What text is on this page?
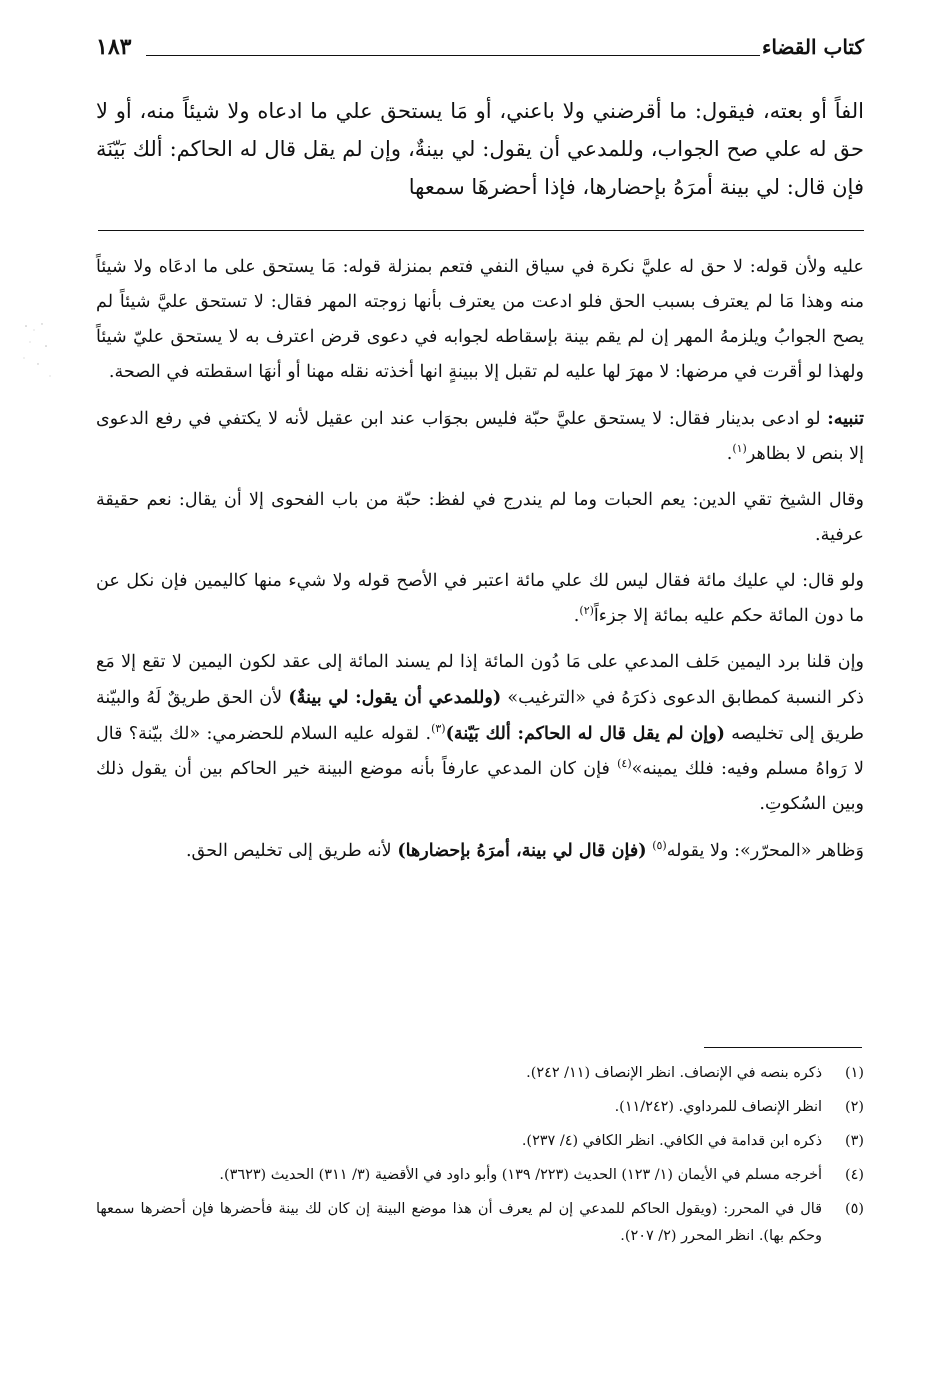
كتاب القضاء
١٨٣

الفاً أو بعته، فيقول: ما أقرضني ولا باعني، أو مَا يستحق علي ما ادعاه ولا شيئاً منه، أو لا حق له علي صح الجواب، وللمدعي أن يقول: لي بينةٌ، وإن لم يقل قال له الحاكم: ألك بَيّنَة فإن قال: لي بينة أمرَهُ بإحضارها، فإذا أحضرهَا سمعها

عليه ولأن قوله: لا حق له عليَّ نكرة في سياق النفي فتعم بمنزلة قوله: مَا يستحق على ما ادعَاه ولا شيئاً منه وهذا مَا لم يعترف بسبب الحق فلو ادعت من يعترف بأنها زوجته المهر فقال: لا تستحق عليَّ شيئاً لم يصح الجوابُ ويلزمهُ المهر إن لم يقم بينة بإسقاطه لجوابه في دعوى قرض اعترف به لا يستحق عليّ شيئاً ولهذا لو أقرت في مرضها: لا مهرَ لها عليه لم تقبل إلا ببينةٍ انها أخذته نقله مهنا أو أنهَا اسقطته في الصحة.

تنبيه: لو ادعى بدينار فقال: لا يستحق عليَّ حبّة فليس بجوَاب عند ابن عقيل لأنه لا يكتفي في رفع الدعوى إلا بنص لا بظاهر$^{(١)}$.

وقال الشيخ تقي الدين: يعم الحبات وما لم يندرج في لفظ: حبّة من باب الفحوى إلا أن يقال: نعم حقيقة عرفية.

ولو قال: لي عليك مائة فقال ليس لك علي مائة اعتبر في الأصح قوله ولا شيء منها كاليمين فإن نكل عن ما دون المائة حكم عليه بمائة إلا جزءاً$^{(٢)}$.

وإن قلنا برد اليمين حَلف المدعي على مَا دُون المائة إذا لم يسند المائة إلى عقد لكون اليمين لا تقع إلا مَع ذكر النسبة كمطابق الدعوى ذكرَهُ في «الترغيب» (وللمدعي أن يقول: لي بينةٌ) لأن الحق طريقٌ لَهُ والبيّنة طريق إلى تخليصه (وإن لم يقل قال له الحاكم: ألك بَيّنة)$^{(٣)}$. لقوله عليه السلام للحضرمي: «لك بيّنة؟ قال لا رَواهُ مسلم وفيه: فلك يمينه»$^{(٤)}$ فإن كان المدعي عارفاً بأنه موضع البينة خير الحاكم بين أن يقول ذلك وبين السُكوتِ.

وَظاهر «المحرّر»: ولا يقوله$^{(٥)}$ (فإن قال لي بينة، أمرَهُ بإحضارها) لأنه طريق إلى تخليص الحق.

(١)
ذكره بنصه في الإنصاف. انظر الإنصاف (١١/ ٢٤٢).
(٢)
انظر الإنصاف للمرداوي. (١١/٢٤٢).
(٣)
ذكره ابن قدامة في الكافي. انظر الكافي (٤/ ٢٣٧).
(٤)
أخرجه مسلم في الأيمان (١/ ١٢٣) الحديث (٢٢٣/ ١٣٩) وأبو داود في الأقضية (٣/ ٣١١) الحديث (٣٦٢٣).
(٥)
قال في المحرر: (ويقول الحاكم للمدعي إن لم يعرف أن هذا موضع البينة إن كان لك بينة فأحضرها فإن أحضرها سمعها وحكم بها). انظر المحرر (٢/ ٢٠٧).
